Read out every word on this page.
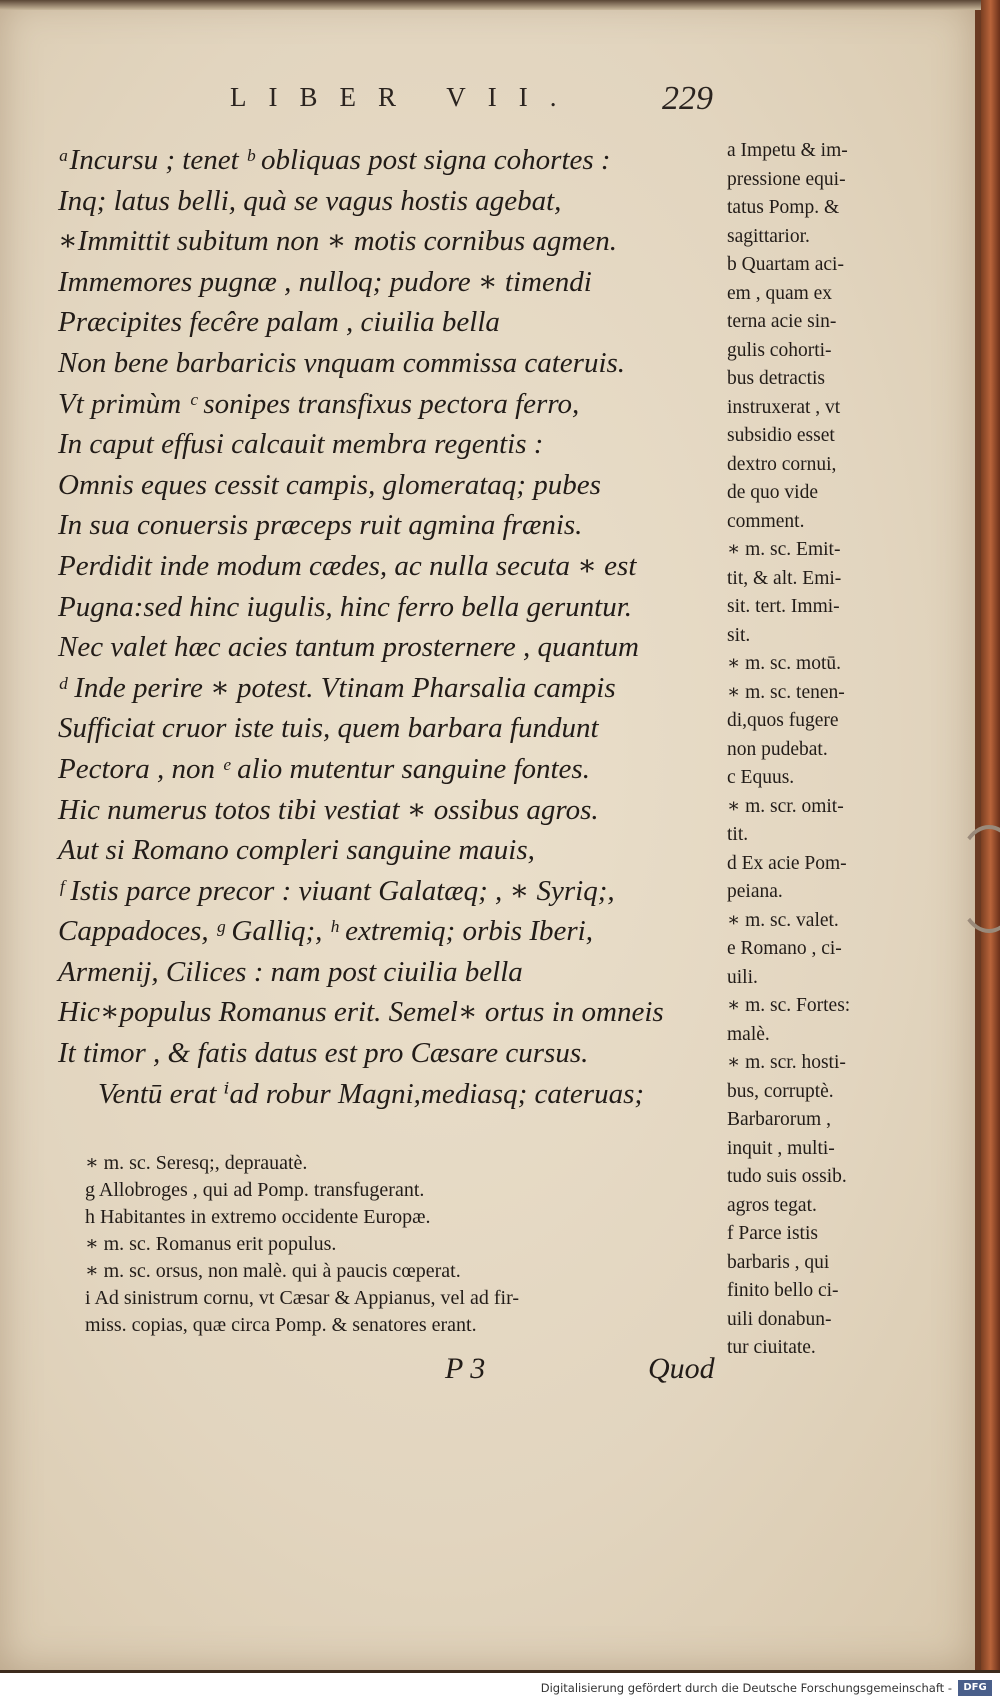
LIBER VII. 229
ᵃIncursu ; tenet ᵇ obliquas post signa cohortes :
Inq; latus belli, quà se vagus hostis agebat,
∗Immittit subitum non ∗ motis cornibus agmen.
Immemores pugnæ , nulloq; pudore ∗ timendi
Præcipites fecêre palam , ciuilia bella
Non bene barbaricis vnquam commissa cateruis.
Vt primùm ᶜ sonipes transfixus pectora ferro,
In caput effusi calcauit membra regentis :
Omnis eques cessit campis, glomerataq; pubes
In sua conuersis præceps ruit agmina frænis.
Perdidit inde modum cædes, ac nulla secuta ∗ est
Pugna:sed hinc iugulis, hinc ferro bella geruntur.
Nec valet hæc acies tantum prosternere , quantum
ᵈ Inde perire ∗ potest. Vtinam Pharsalia campis
Sufficiat cruor iste tuis, quem barbara fundunt
Pectora , non ᵉ alio mutentur sanguine fontes.
Hic numerus totos tibi vestiat ∗ ossibus agros.
Aut si Romano compleri sanguine mauis,
ᶠ Istis parce precor : viuant Galatæq; , ∗ Syriq;,
Cappadoces, ᵍ Galliq;, ʰ extremiq; orbis Iberi,
Armenij, Cilices : nam post ciuilia bella
Hic∗populus Romanus erit. Semel∗ ortus in omneis
It timor , & fatis datus est pro Cæsare cursus.
Ventū erat ⁱad robur Magni,mediasq; cateruas;
∗ m. sc. Seresq;, deprauatè.
g Allobroges , qui ad Pomp. transfugerant.
h Habitantes in extremo occidente Europæ.
∗ m. sc. Romanus erit populus.
∗ m. sc. orsus, non malè. qui à paucis cœperat.
i Ad sinistrum cornu, vt Cæsar & Appianus, vel ad fir-
miss. copias, quæ circa Pomp. & senatores erant.
a Impetu & im-
pressione equi-
tatus Pomp. &
sagittarior.
b Quartam aci-
em , quam ex
terna acie sin-
gulis cohorti-
bus detractis
instruxerat , vt
subsidio esset
dextro cornui,
de quo vide
comment.
∗ m. sc. Emit-
tit, & alt. Emi-
sit. tert. Immi-
sit.
∗ m. sc. motū.
∗ m. sc. tenen-
di,quos fugere
non pudebat.
c Equus.
∗ m. scr. omit-
tit.
d Ex acie Pom-
peiana.
∗ m. sc. valet.
e Romano , ci-
uili.
∗ m. sc. Fortes:
malè.
∗ m. scr. hosti-
bus, corruptè.
Barbarorum ,
inquit , multi-
tudo suis ossib.
agros tegat.
f Parce istis
barbaris , qui
finito bello ci-
uili donabun-
tur ciuitate.
P 3	Quod
Digitalisierung gefördert durch die Deutsche Forschungsgemeinschaft -	DFG
